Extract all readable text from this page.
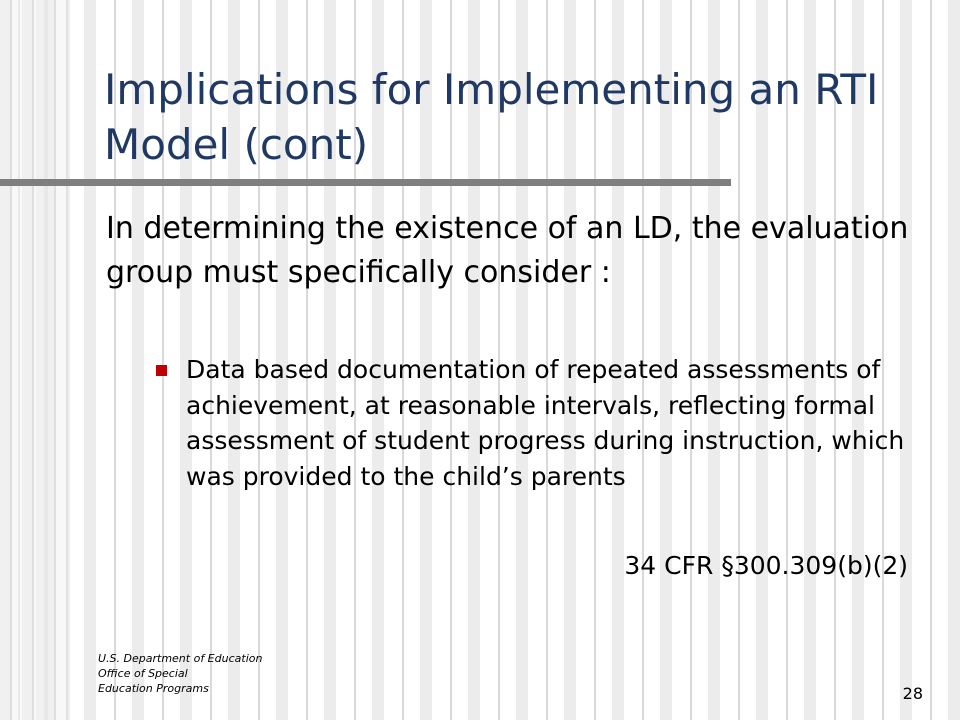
Implications for Implementing an RTI Model (cont)

In determining the existence of an LD, the evaluation group must specifically consider :

Data based documentation of repeated assessments of achievement, at reasonable intervals, reflecting formal assessment of student progress during instruction, which was provided to the child’s parents

34 CFR §300.309(b)(2)

U.S. Department of Education
Office of Special
Education Programs	28
